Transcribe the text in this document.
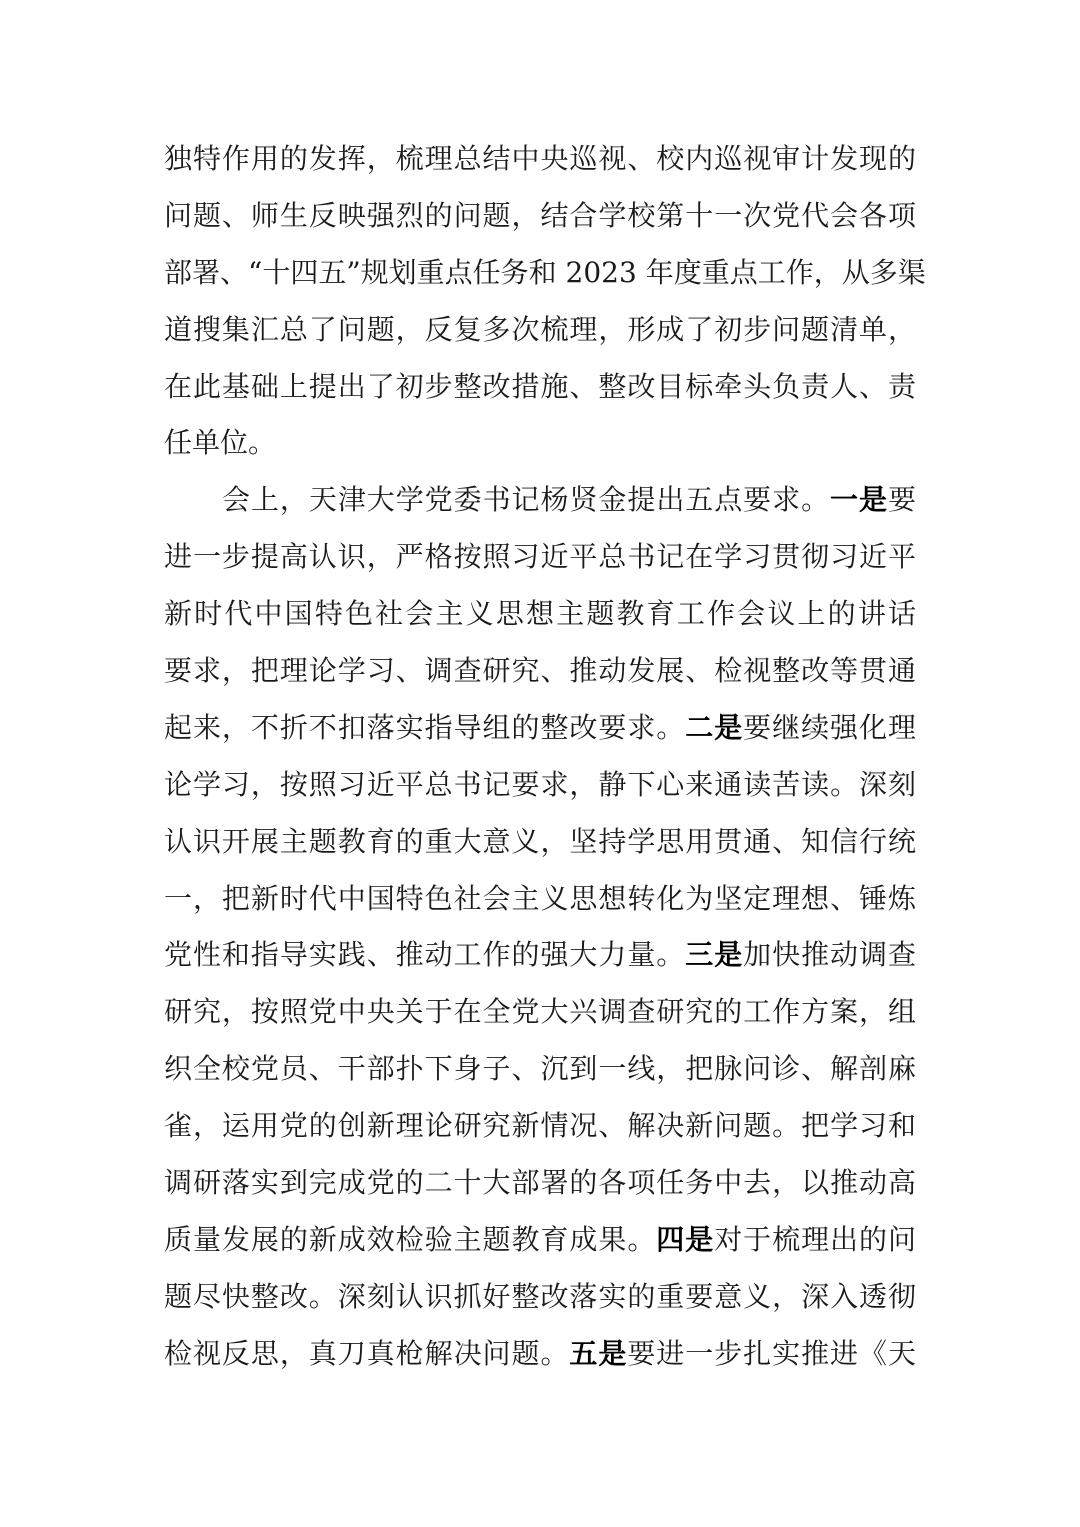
独特作用的发挥，梳理总结中央巡视、校内巡视审计发现的
问题、师生反映强烈的问题，结合学校第十一次党代会各项
部署、“十四五”规划重点任务和 2023 年度重点工作，从多渠
道搜集汇总了问题，反复多次梳理，形成了初步问题清单，
在此基础上提出了初步整改措施、整改目标牵头负责人、责
任单位。
会上，天津大学党委书记杨贤金提出五点要求。一是要
进一步提高认识，严格按照习近平总书记在学习贯彻习近平
新时代中国特色社会主义思想主题教育工作会议上的讲话
要求，把理论学习、调查研究、推动发展、检视整改等贯通
起来，不折不扣落实指导组的整改要求。二是要继续强化理
论学习，按照习近平总书记要求，静下心来通读苦读。深刻
认识开展主题教育的重大意义，坚持学思用贯通、知信行统
一，把新时代中国特色社会主义思想转化为坚定理想、锤炼
党性和指导实践、推动工作的强大力量。三是加快推动调查
研究，按照党中央关于在全党大兴调查研究的工作方案，组
织全校党员、干部扑下身子、沉到一线，把脉问诊、解剖麻
雀，运用党的创新理论研究新情况、解决新问题。把学习和
调研落实到完成党的二十大部署的各项任务中去，以推动高
质量发展的新成效检验主题教育成果。四是对于梳理出的问
题尽快整改。深刻认识抓好整改落实的重要意义，深入透彻
检视反思，真刀真枪解决问题。五是要进一步扎实推进《天
